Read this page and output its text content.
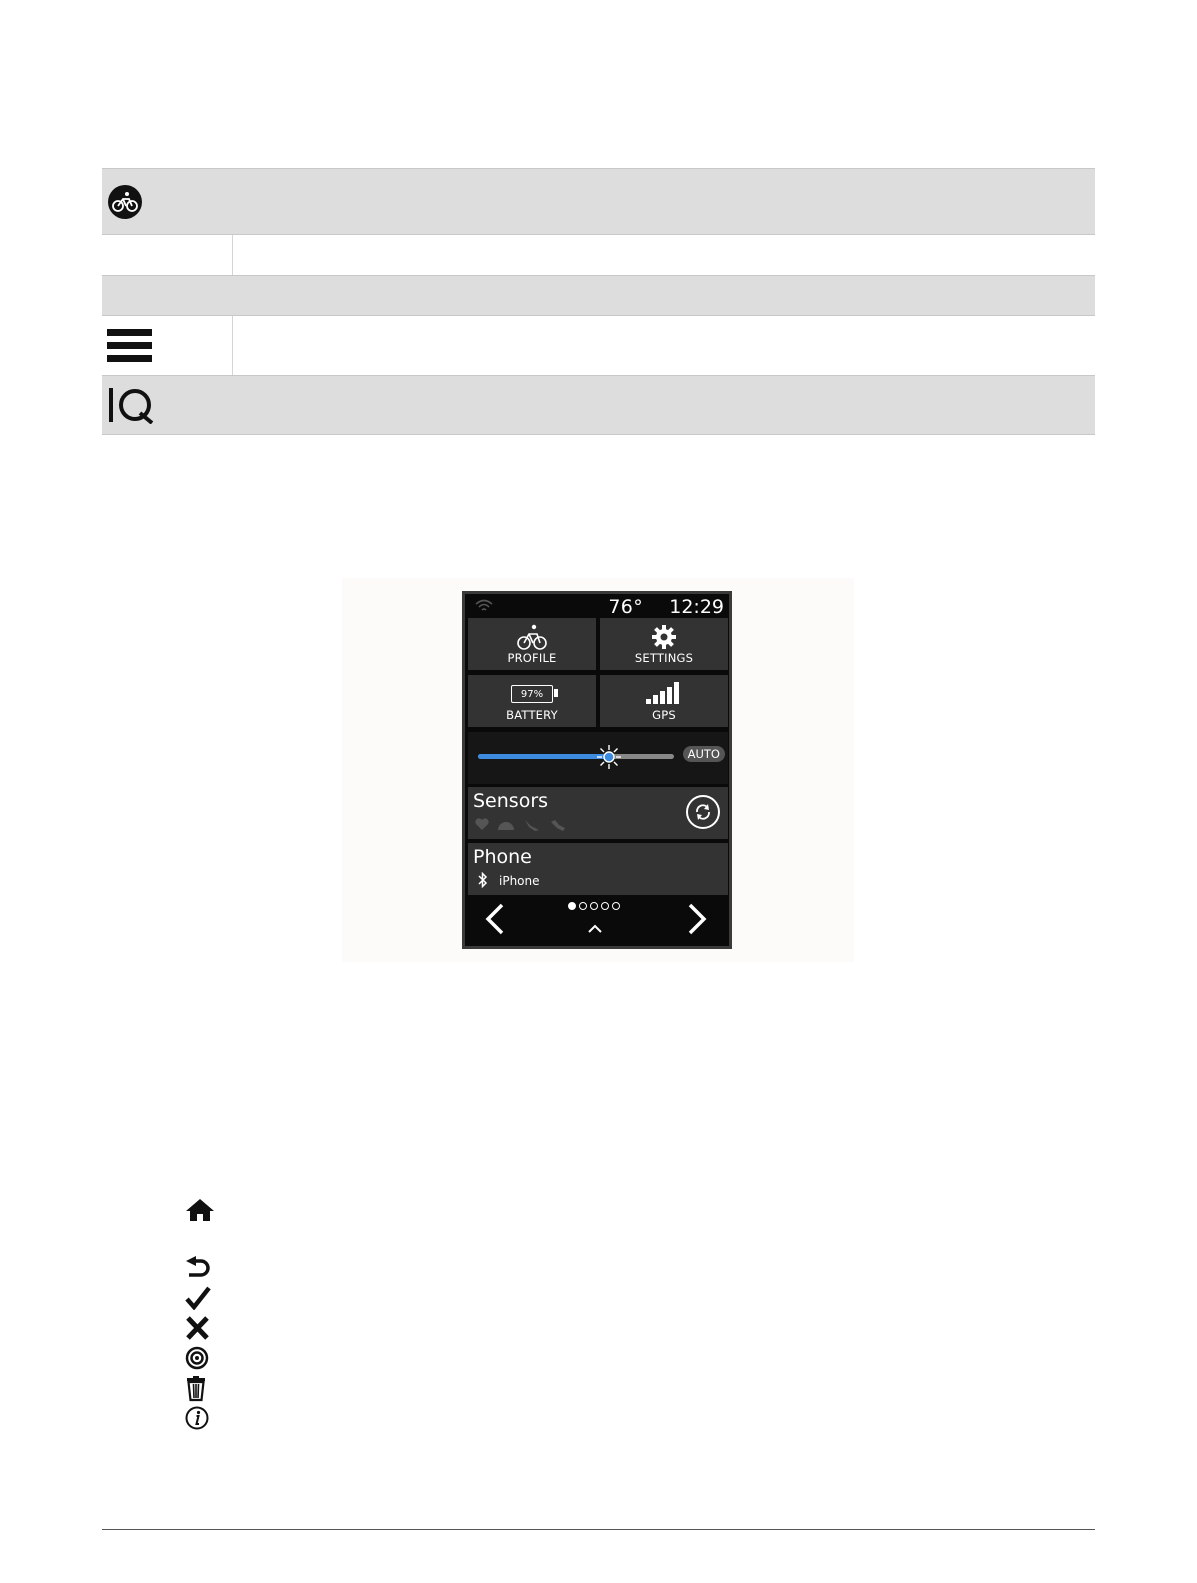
76° 12:29
PROFILE	SETTINGS
97%
BATTERY	GPS
AUTO
Sensors
Phone
iPhone
